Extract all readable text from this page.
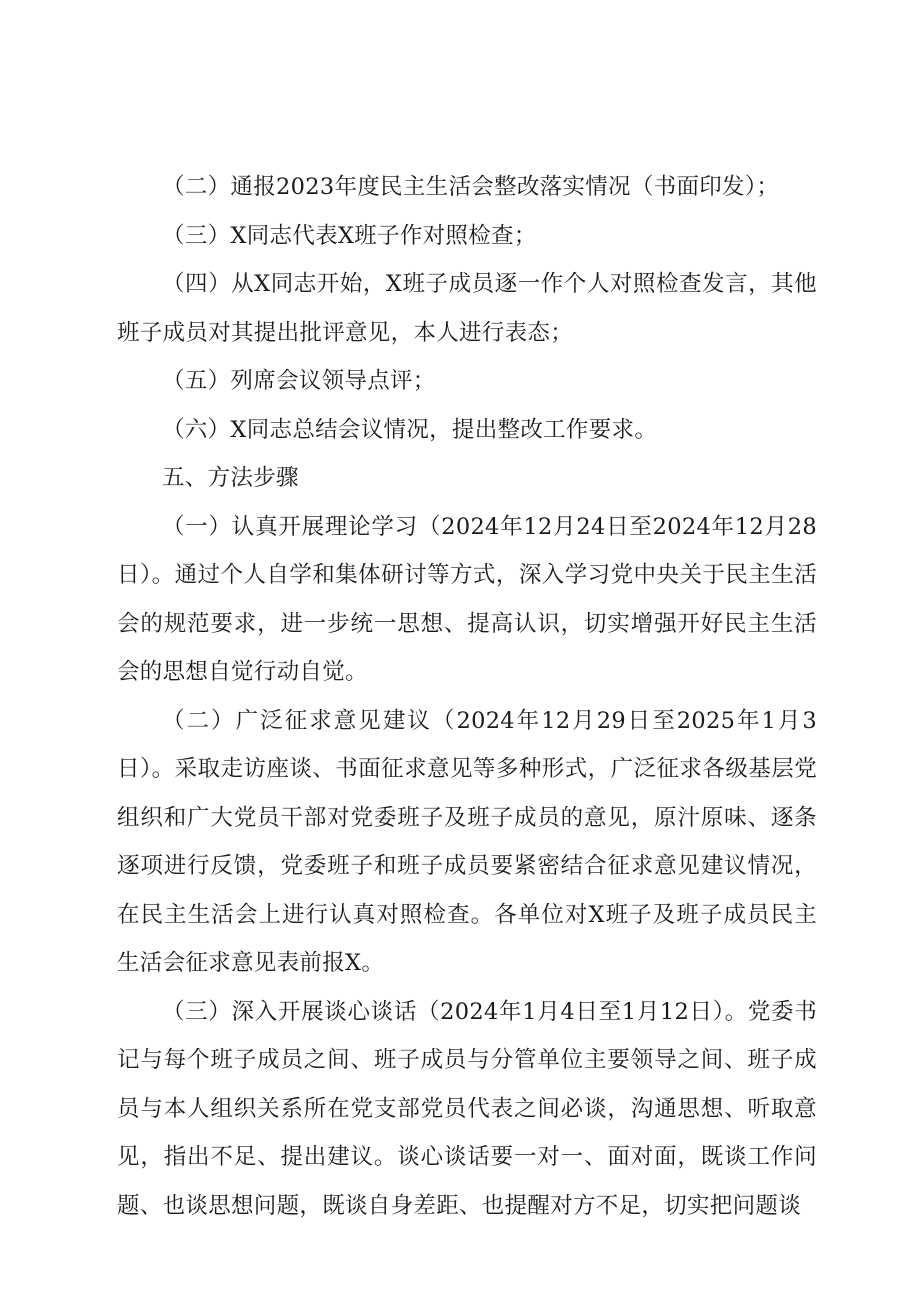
（二）通报2023年度民主生活会整改落实情况（书面印发）；

（三）X同志代表X班子作对照检查；

（四）从X同志开始，X班子成员逐一作个人对照检查发言，其他班子成员对其提出批评意见，本人进行表态；

（五）列席会议领导点评；

（六）X同志总结会议情况，提出整改工作要求。

五、方法步骤

（一）认真开展理论学习（2024年12月24日至2024年12月28日）。通过个人自学和集体研讨等方式，深入学习党中央关于民主生活会的规范要求，进一步统一思想、提高认识，切实增强开好民主生活会的思想自觉行动自觉。

（二）广泛征求意见建议（2024年12月29日至2025年1月3日）。采取走访座谈、书面征求意见等多种形式，广泛征求各级基层党组织和广大党员干部对党委班子及班子成员的意见，原汁原味、逐条逐项进行反馈，党委班子和班子成员要紧密结合征求意见建议情况，在民主生活会上进行认真对照检查。各单位对X班子及班子成员民主生活会征求意见表前报X。

（三）深入开展谈心谈话（2024年1月4日至1月12日）。党委书记与每个班子成员之间、班子成员与分管单位主要领导之间、班子成员与本人组织关系所在党支部党员代表之间必谈，沟通思想、听取意见，指出不足、提出建议。谈心谈话要一对一、面对面，既谈工作问题、也谈思想问题，既谈自身差距、也提醒对方不足，切实把问题谈
